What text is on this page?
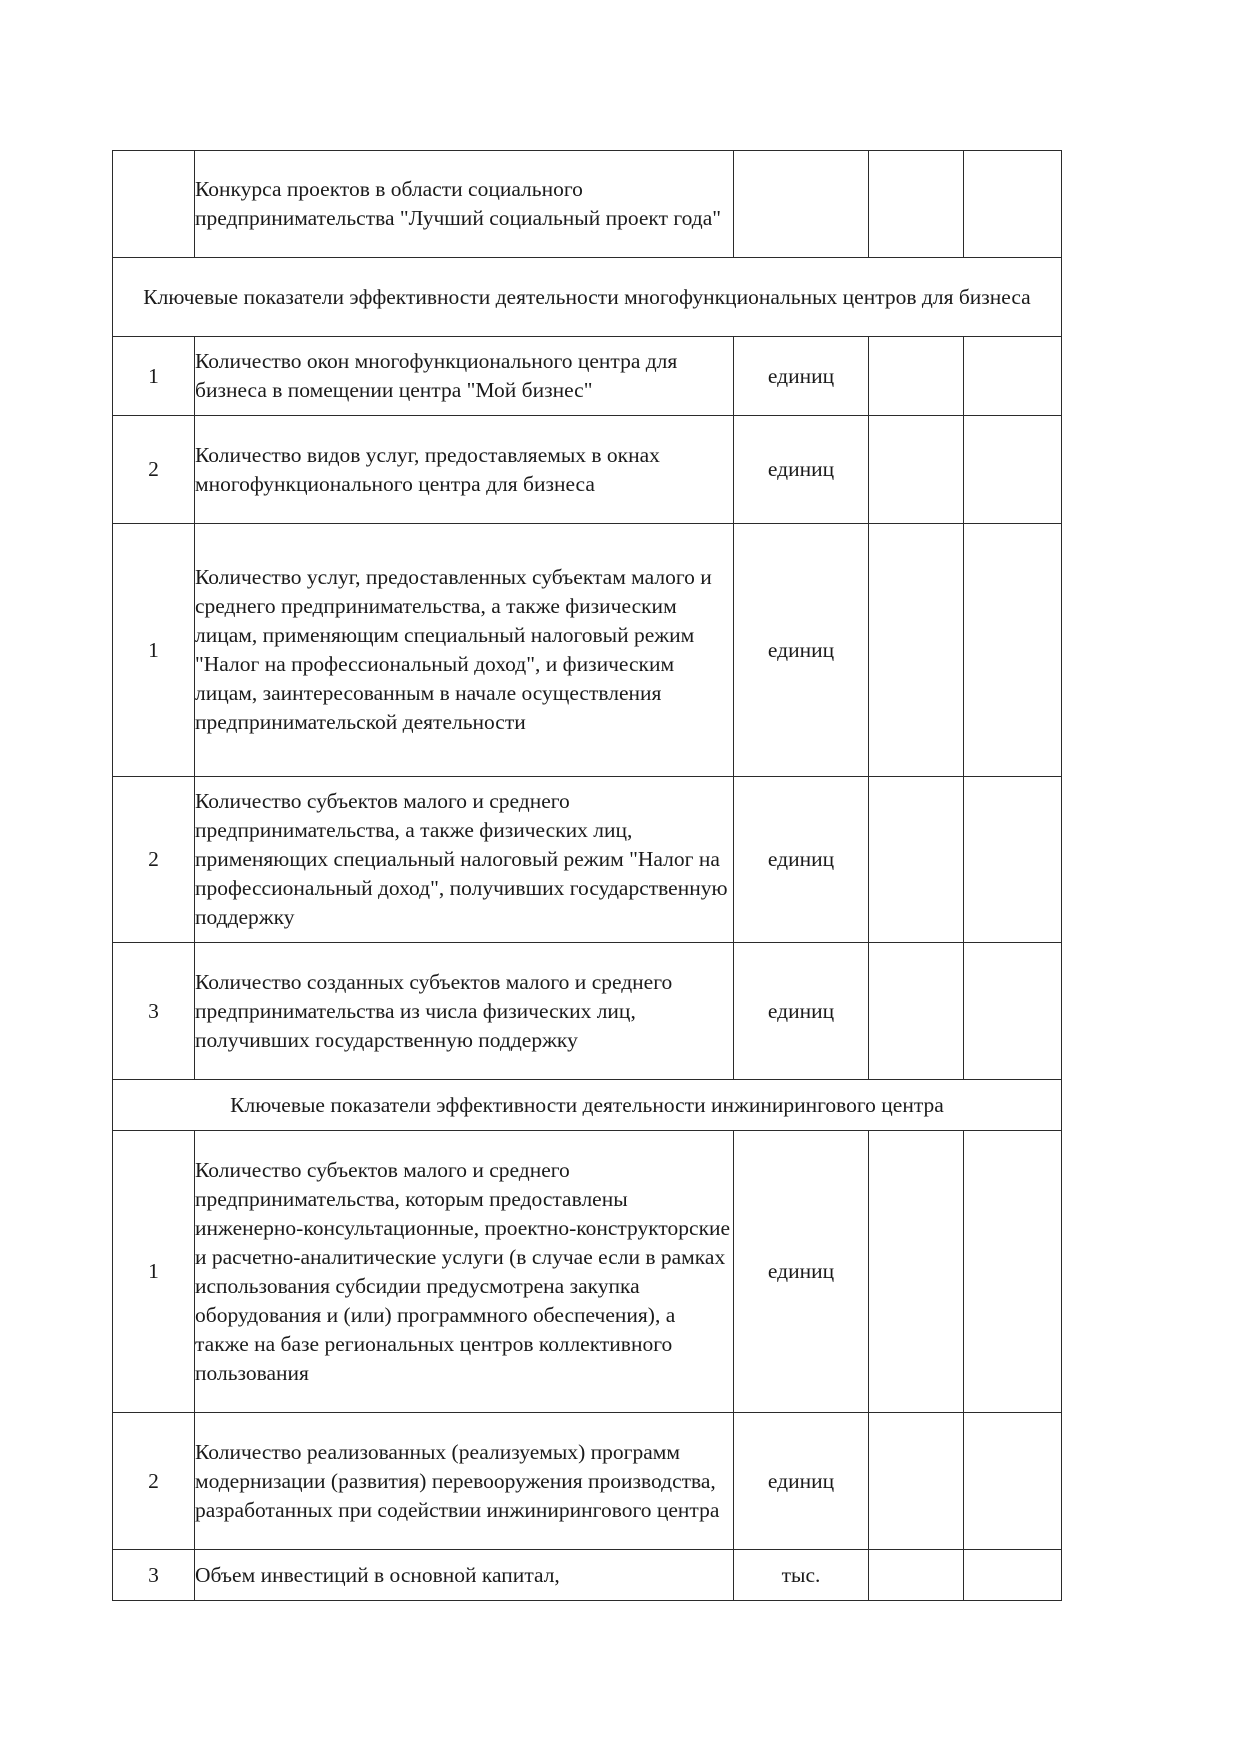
	Конкурса проектов в области социального предпринимательства "Лучший социальный проект года"			
Ключевые показатели эффективности деятельности многофункциональных центров для бизнеса				
1	Количество окон многофункционального центра для бизнеса в помещении центра "Мой бизнес"	единиц		
2	Количество видов услуг, предоставляемых в окнах многофункционального центра для бизнеса	единиц		
1	Количество услуг, предоставленных субъектам малого и среднего предпринимательства, а также физическим лицам, применяющим специальный налоговый режим "Налог на профессиональный доход", и физическим лицам, заинтересованным в начале осуществления предпринимательской деятельности	единиц		
2	Количество субъектов малого и среднего предпринимательства, а также физических лиц, применяющих специальный налоговый режим "Налог на профессиональный доход", получивших государственную поддержку	единиц		
3	Количество созданных субъектов малого и среднего предпринимательства из числа физических лиц, получивших государственную поддержку	единиц		
Ключевые показатели эффективности деятельности инжинирингового центра				
1	Количество субъектов малого и среднего предпринимательства, которым предоставлены инженерно-консультационные, проектно-конструкторские и расчетно-аналитические услуги (в случае если в рамках использования субсидии предусмотрена закупка оборудования и (или) программного обеспечения), а также на базе региональных центров коллективного пользования	единиц		
2	Количество реализованных (реализуемых) программ модернизации (развития) перевооружения производства, разработанных при содействии инжинирингового центра	единиц		
3	Объем инвестиций в основной капитал,	тыс.		
